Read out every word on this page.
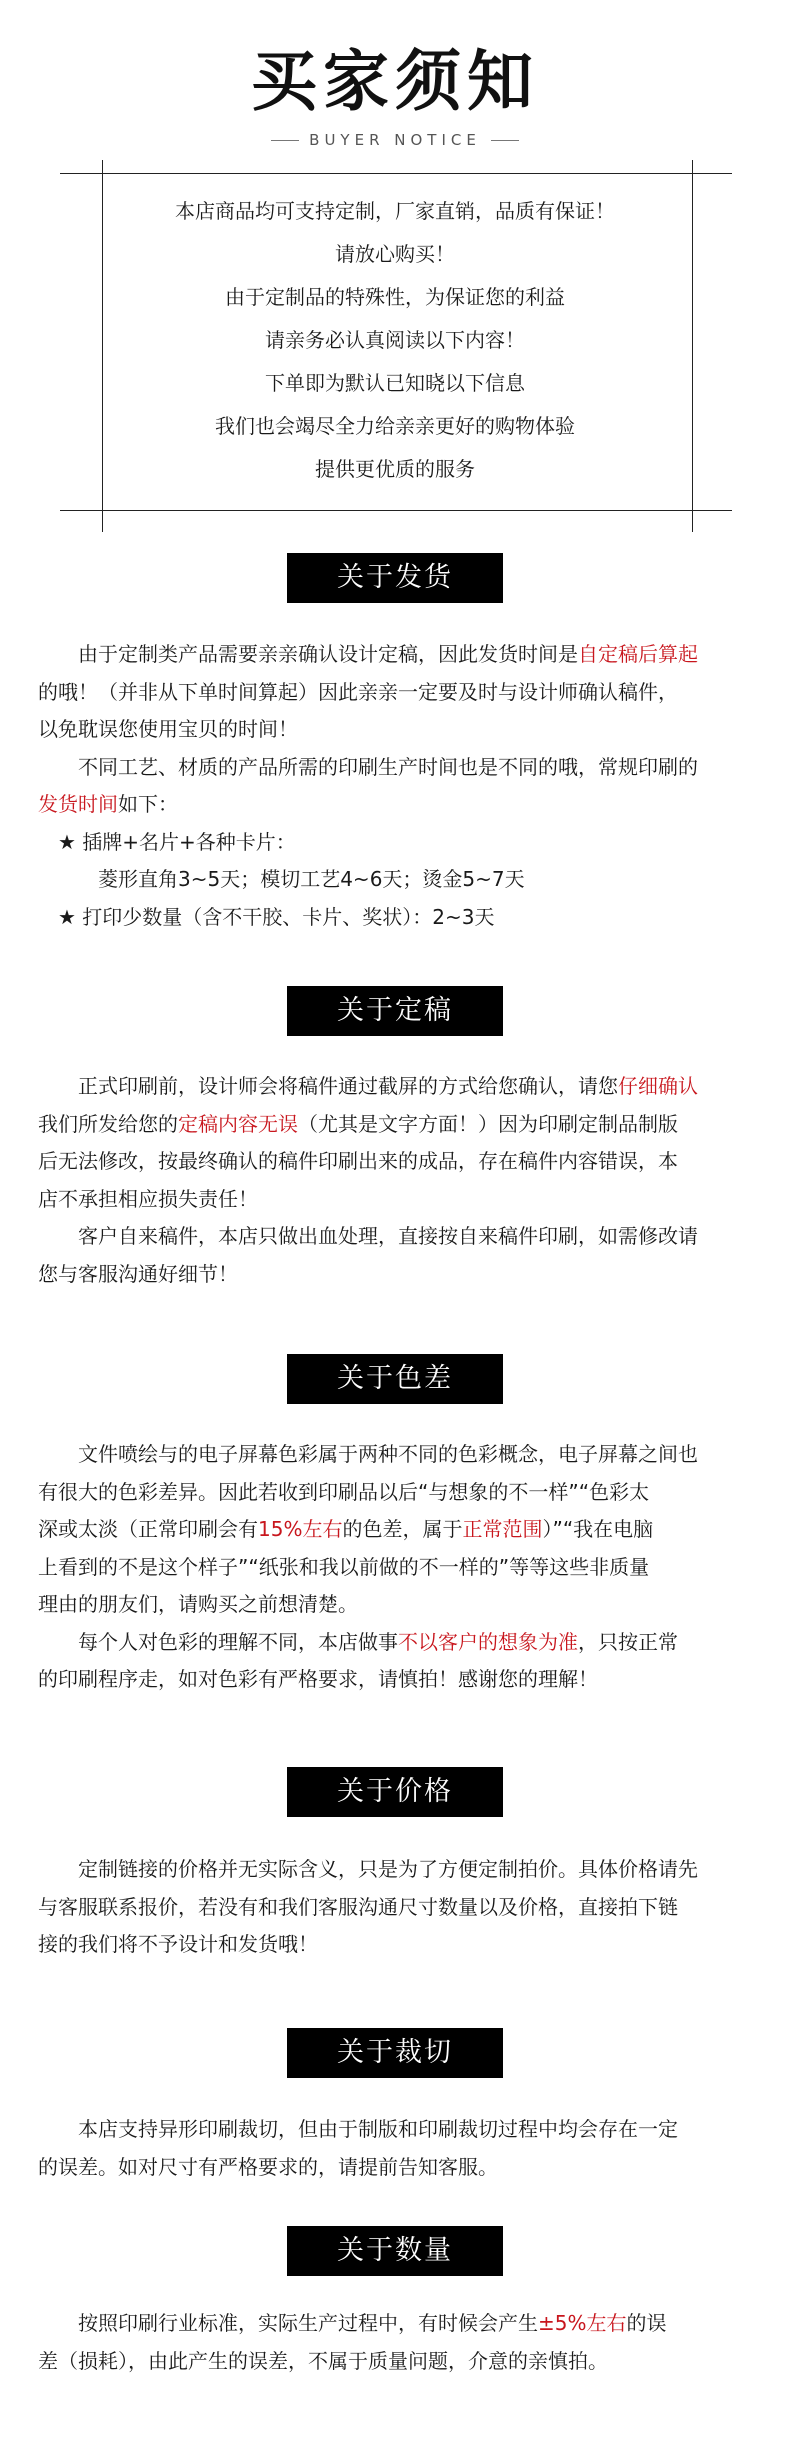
买家须知
BUYER NOTICE
本店商品均可支持定制，厂家直销，品质有保证！
请放心购买！
由于定制品的特殊性，为保证您的利益
请亲务必认真阅读以下内容！
下单即为默认已知晓以下信息
我们也会竭尽全力给亲亲更好的购物体验
提供更优质的服务
关于发货
　　由于定制类产品需要亲亲确认设计定稿，因此发货时间是自定稿后算起
的哦！（并非从下单时间算起）因此亲亲一定要及时与设计师确认稿件，
以免耽误您使用宝贝的时间！
　　不同工艺、材质的产品所需的印刷生产时间也是不同的哦，常规印刷的
发货时间如下：
　★ 插牌+名片+各种卡片：
　　　菱形直角3~5天；模切工艺4~6天；烫金5~7天
　★ 打印少数量（含不干胶、卡片、奖状）：2~3天
关于定稿
　　正式印刷前，设计师会将稿件通过截屏的方式给您确认，请您仔细确认
我们所发给您的定稿内容无误（尤其是文字方面！）因为印刷定制品制版
后无法修改，按最终确认的稿件印刷出来的成品，存在稿件内容错误，本
店不承担相应损失责任！
　　客户自来稿件，本店只做出血处理，直接按自来稿件印刷，如需修改请
您与客服沟通好细节！
关于色差
　　文件喷绘与的电子屏幕色彩属于两种不同的色彩概念，电子屏幕之间也
有很大的色彩差异。因此若收到印刷品以后“与想象的不一样”“色彩太
深或太淡（正常印刷会有15%左右的色差，属于正常范围）”“我在电脑
上看到的不是这个样子”“纸张和我以前做的不一样的”等等这些非质量
理由的朋友们，请购买之前想清楚。
　　每个人对色彩的理解不同，本店做事不以客户的想象为准，只按正常
的印刷程序走，如对色彩有严格要求，请慎拍！感谢您的理解！
关于价格
　　定制链接的价格并无实际含义，只是为了方便定制拍价。具体价格请先
与客服联系报价，若没有和我们客服沟通尺寸数量以及价格，直接拍下链
接的我们将不予设计和发货哦！
关于裁切
　　本店支持异形印刷裁切，但由于制版和印刷裁切过程中均会存在一定
的误差。如对尺寸有严格要求的，请提前告知客服。
关于数量
　　按照印刷行业标准，实际生产过程中，有时候会产生±5%左右的误
差（损耗），由此产生的误差，不属于质量问题，介意的亲慎拍。
